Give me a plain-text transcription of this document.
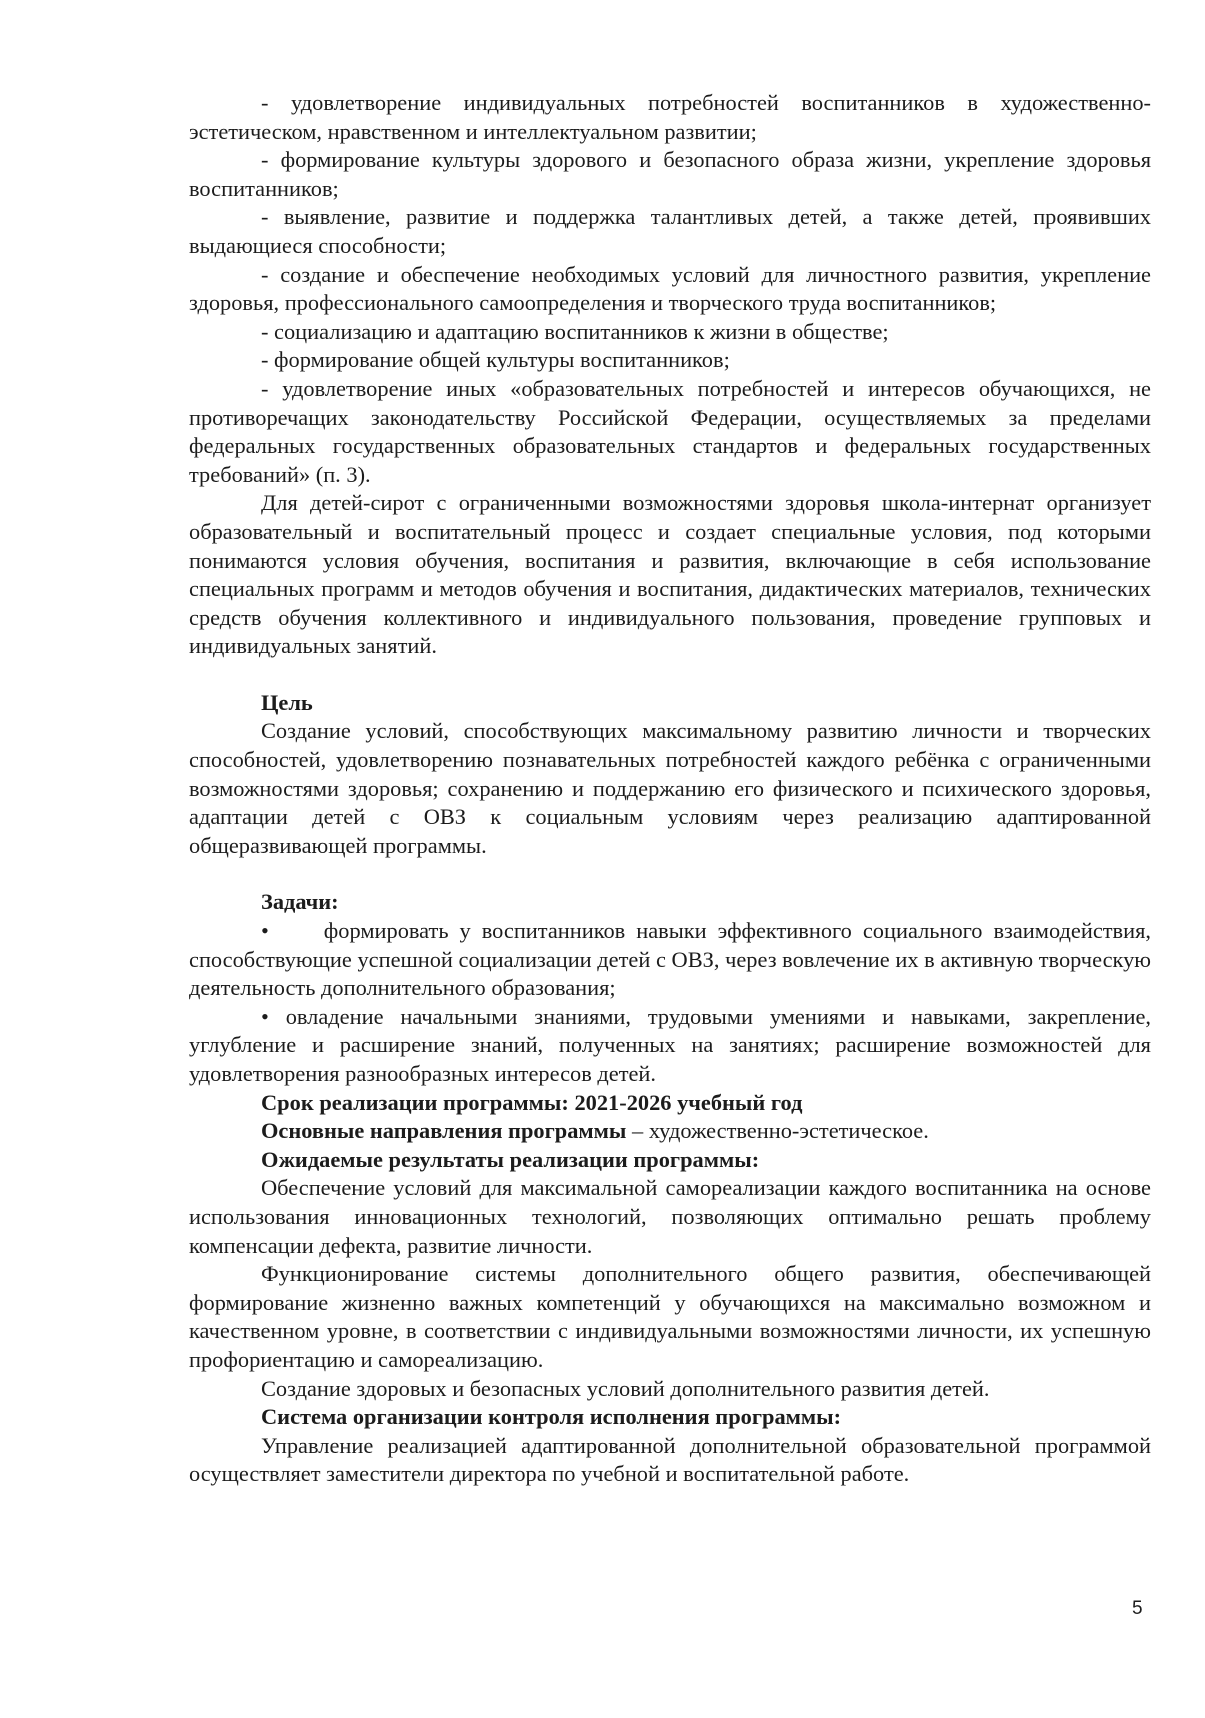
- удовлетворение индивидуальных потребностей воспитанников в художественно-эстетическом, нравственном и интеллектуальном развитии;

- формирование культуры здорового и безопасного образа жизни, укрепление здоровья воспитанников;

- выявление, развитие и поддержка талантливых детей, а также детей, проявивших выдающиеся способности;

- создание и обеспечение необходимых условий для личностного развития, укрепление здоровья, профессионального самоопределения и творческого труда воспитанников;

- социализацию и адаптацию воспитанников к жизни в обществе;

- формирование общей культуры воспитанников;

- удовлетворение иных «образовательных потребностей и интересов обучающихся, не противоречащих законодательству Российской Федерации, осуществляемых за пределами федеральных государственных образовательных стандартов и федеральных государственных требований» (п. 3).

Для детей-сирот с ограниченными возможностями здоровья школа-интернат организует образовательный и воспитательный процесс и создает специальные условия, под которыми понимаются условия обучения, воспитания и развития, включающие в себя использование специальных программ и методов обучения и воспитания, дидактических материалов, технических средств обучения коллективного и индивидуального пользования, проведение групповых и индивидуальных занятий.

Цель

Создание условий, способствующих максимальному развитию личности и творческих способностей, удовлетворению познавательных потребностей каждого ребёнка с ограниченными возможностями здоровья; сохранению и поддержанию его физического и психического здоровья, адаптации детей с ОВЗ к социальным условиям через реализацию адаптированной общеразвивающей программы.

Задачи:

•     формировать у воспитанников навыки эффективного социального взаимодействия, способствующие успешной социализации детей с ОВЗ, через вовлечение их в активную творческую деятельность дополнительного образования;

• овладение начальными знаниями, трудовыми умениями и навыками, закрепление, углубление и расширение знаний, полученных на занятиях; расширение возможностей для удовлетворения разнообразных интересов детей.

Срок реализации программы: 2021-2026 учебный год

Основные направления программы – художественно-эстетическое.

Ожидаемые результаты реализации программы:

Обеспечение условий для максимальной самореализации каждого воспитанника на основе использования инновационных технологий, позволяющих оптимально решать проблему компенсации дефекта, развитие личности.

Функционирование системы дополнительного общего развития, обеспечивающей формирование жизненно важных компетенций у обучающихся на максимально возможном и качественном уровне, в соответствии с индивидуальными возможностями личности, их успешную профориентацию и самореализацию.

Создание здоровых и безопасных условий дополнительного развития детей.

Система организации контроля исполнения программы:

Управление реализацией адаптированной дополнительной образовательной программой осуществляет заместители директора по учебной и воспитательной работе.

5
